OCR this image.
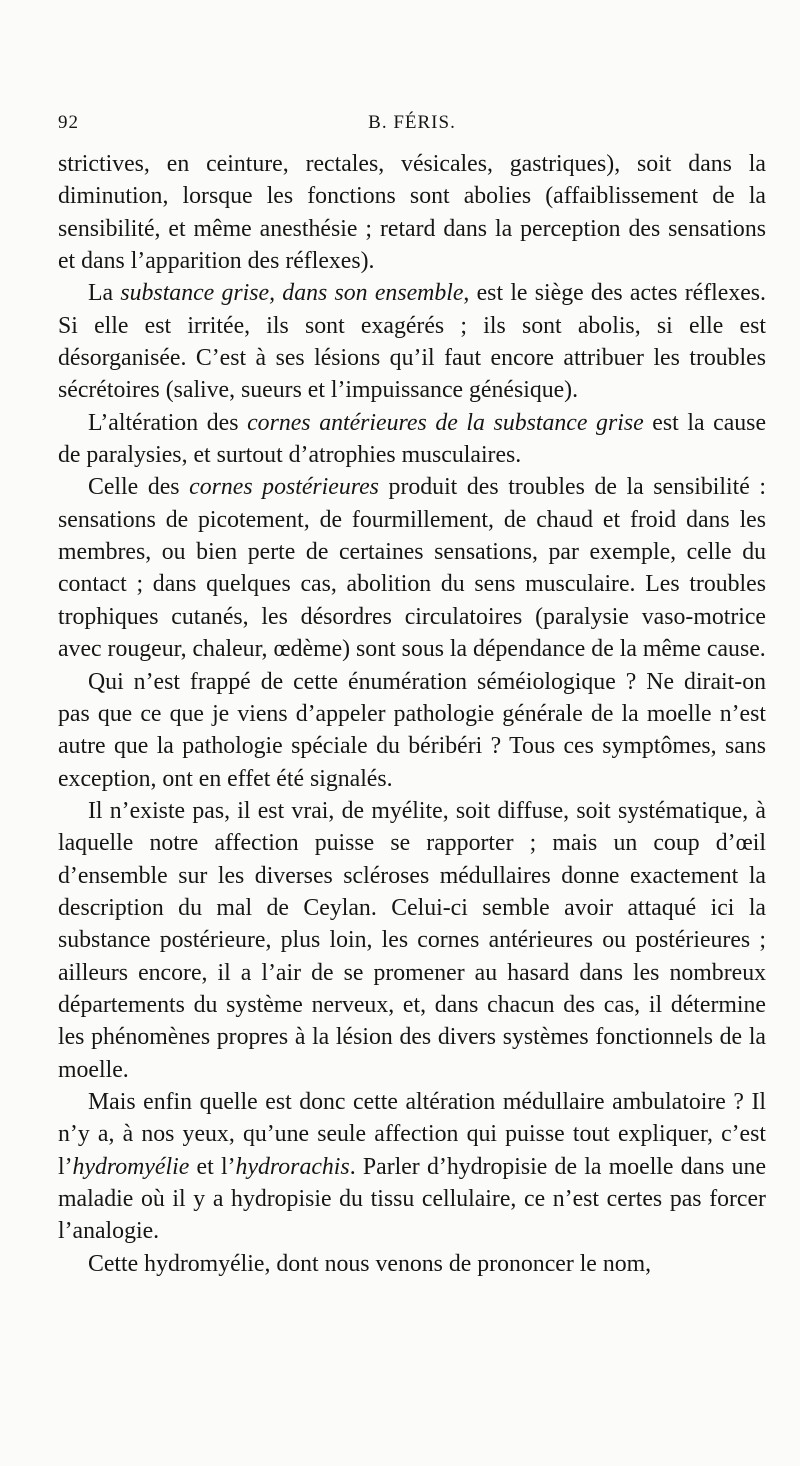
92	B. FÉRIS.

strictives, en ceinture, rectales, vésicales, gastriques), soit dans la diminution, lorsque les fonctions sont abolies (affaiblissement de la sensibilité, et même anesthésie ; retard dans la perception des sensations et dans l’apparition des réflexes).

La substance grise, dans son ensemble, est le siège des actes réflexes. Si elle est irritée, ils sont exagérés ; ils sont abolis, si elle est désorganisée. C’est à ses lésions qu’il faut encore attribuer les troubles sécrétoires (salive, sueurs et l’impuissance génésique).

L’altération des cornes antérieures de la substance grise est la cause de paralysies, et surtout d’atrophies musculaires.

Celle des cornes postérieures produit des troubles de la sensibilité : sensations de picotement, de fourmillement, de chaud et froid dans les membres, ou bien perte de certaines sensations, par exemple, celle du contact ; dans quelques cas, abolition du sens musculaire. Les troubles trophiques cutanés, les désordres circulatoires (paralysie vaso-motrice avec rougeur, chaleur, œdème) sont sous la dépendance de la même cause.

Qui n’est frappé de cette énumération séméiologique ? Ne dirait-on pas que ce que je viens d’appeler pathologie générale de la moelle n’est autre que la pathologie spéciale du béribéri ? Tous ces symptômes, sans exception, ont en effet été signalés.

Il n’existe pas, il est vrai, de myélite, soit diffuse, soit systématique, à laquelle notre affection puisse se rapporter ; mais un coup d’œil d’ensemble sur les diverses scléroses médullaires donne exactement la description du mal de Ceylan. Celui-ci semble avoir attaqué ici la substance postérieure, plus loin, les cornes antérieures ou postérieures ; ailleurs encore, il a l’air de se promener au hasard dans les nombreux départements du système nerveux, et, dans chacun des cas, il détermine les phénomènes propres à la lésion des divers systèmes fonctionnels de la moelle.

Mais enfin quelle est donc cette altération médullaire ambulatoire ? Il n’y a, à nos yeux, qu’une seule affection qui puisse tout expliquer, c’est l’hydromyélie et l’hydrorachis. Parler d’hydropisie de la moelle dans une maladie où il y a hydropisie du tissu cellulaire, ce n’est certes pas forcer l’analogie.

Cette hydromyélie, dont nous venons de prononcer le nom,
